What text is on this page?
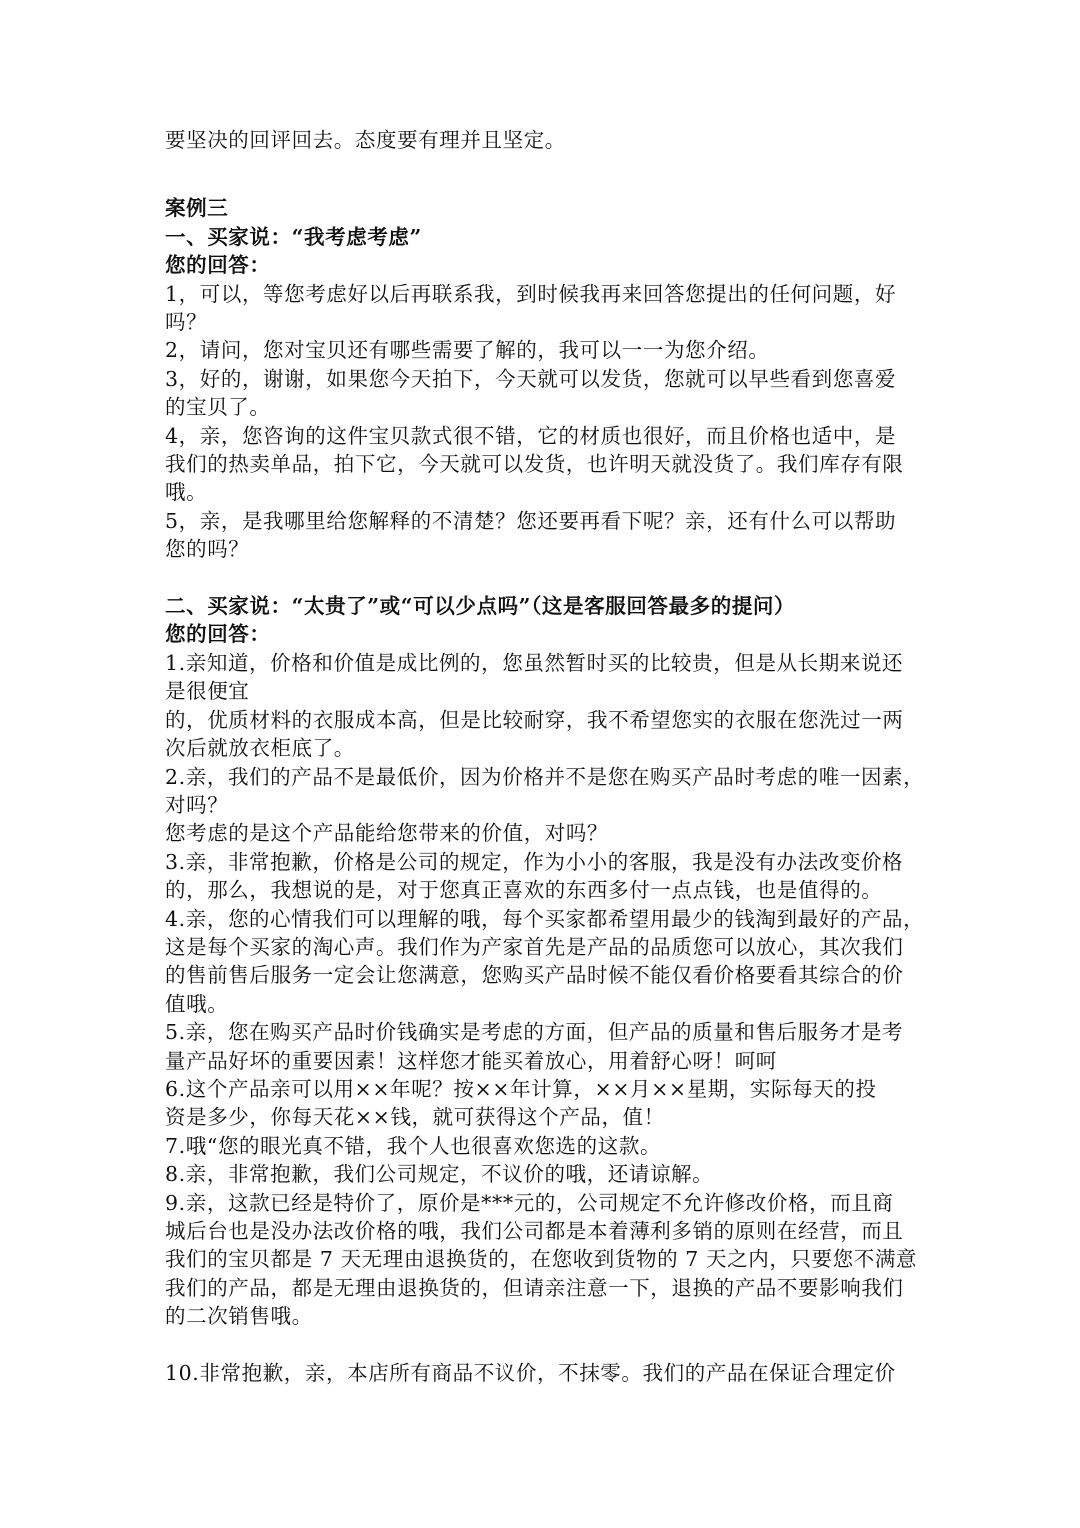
要坚决的回评回去。态度要有理并且坚定。
案例三
一、买家说：“我考虑考虑”
您的回答：
1，可以，等您考虑好以后再联系我，到时候我再来回答您提出的任何问题，好
吗？
2，请问，您对宝贝还有哪些需要了解的，我可以一一为您介绍。
3，好的，谢谢，如果您今天拍下，今天就可以发货，您就可以早些看到您喜爱
的宝贝了。
4，亲，您咨询的这件宝贝款式很不错，它的材质也很好，而且价格也适中，是
我们的热卖单品，拍下它，今天就可以发货，也许明天就没货了。我们库存有限
哦。
5，亲，是我哪里给您解释的不清楚？您还要再看下呢？亲，还有什么可以帮助
您的吗？
二、买家说：“太贵了”或“可以少点吗”（这是客服回答最多的提问）
您的回答：
1.亲知道，价格和价值是成比例的，您虽然暂时买的比较贵，但是从长期来说还
是很便宜
的，优质材料的衣服成本高，但是比较耐穿，我不希望您实的衣服在您洗过一两
次后就放衣柜底了。
2.亲，我们的产品不是最低价，因为价格并不是您在购买产品时考虑的唯一因素，
对吗？
您考虑的是这个产品能给您带来的价值，对吗？
3.亲，非常抱歉，价格是公司的规定，作为小小的客服，我是没有办法改变价格
的，那么，我想说的是，对于您真正喜欢的东西多付一点点钱，也是值得的。
4.亲，您的心情我们可以理解的哦，每个买家都希望用最少的钱淘到最好的产品，
这是每个买家的淘心声。我们作为产家首先是产品的品质您可以放心，其次我们
的售前售后服务一定会让您满意，您购买产品时候不能仅看价格要看其综合的价
值哦。
5.亲，您在购买产品时价钱确实是考虑的方面，但产品的质量和售后服务才是考
量产品好坏的重要因素！这样您才能买着放心，用着舒心呀！呵呵
6.这个产品亲可以用××年呢？按××年计算，××月××星期，实际每天的投
资是多少，你每天花××钱，就可获得这个产品，值！
7.哦“您的眼光真不错，我个人也很喜欢您选的这款。
8.亲，非常抱歉，我们公司规定，不议价的哦，还请谅解。
9.亲，这款已经是特价了，原价是***元的，公司规定不允许修改价格，而且商
城后台也是没办法改价格的哦，我们公司都是本着薄利多销的原则在经营，而且
我们的宝贝都是 7 天无理由退换货的，在您收到货物的 7 天之内，只要您不满意
我们的产品，都是无理由退换货的，但请亲注意一下，退换的产品不要影响我们
的二次销售哦。
10.非常抱歉，亲，本店所有商品不议价，不抹零。我们的产品在保证合理定价
